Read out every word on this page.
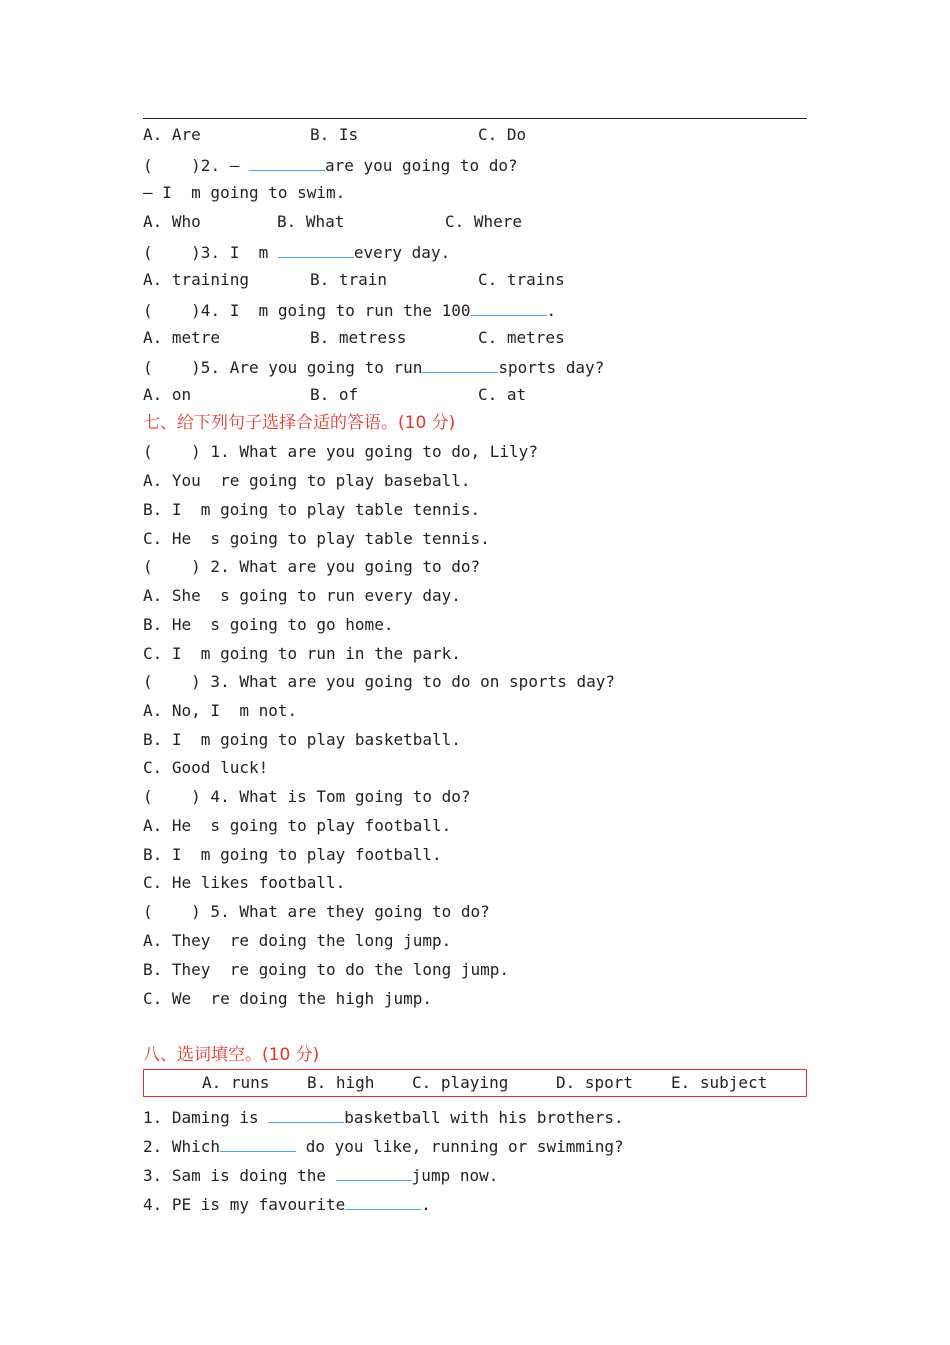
A. Are

	B. Is

	C. Do

( )2. —	are you going to do?
— I  m going to swim.

A. Who

	B. What

	C. Where

( )3. I  m	every day.

A. training

	B. train

	C. trains

( )4. I  m going to run the 100	.

A. metre

	B. metress

	C. metres

( )5. Are you going to run	sports day?

A. on

	B. of

	C. at

七、给下列句子选择合适的答语。(10 分)
(    ) 1. What are you going to do, Lily?
A. You  re going to play baseball.
B. I  m going to play table tennis.
C. He  s going to play table tennis.
(    ) 2. What are you going to do?
A. She  s going to run every day.
B. He  s going to go home.
C. I  m going to run in the park.
(    ) 3. What are you going to do on sports day?
A. No, I  m not.
B. I  m going to play basketball.
C. Good luck!
(    ) 4. What is Tom going to do?
A. He  s going to play football.
B. I  m going to play football.
C. He likes football.
(    ) 5. What are they going to do?
A. They  re doing the long jump.
B. They  re going to do the long jump.
C. We  re doing the high jump.
八、选词填空。(10 分)
A. runs B. high C. playing	D. sport E. subject
1. Daming is	basketball with his brothers.
2. Which	do you like, running or swimming?
3. Sam is doing the	jump now.
4. PE is my favourite	.
